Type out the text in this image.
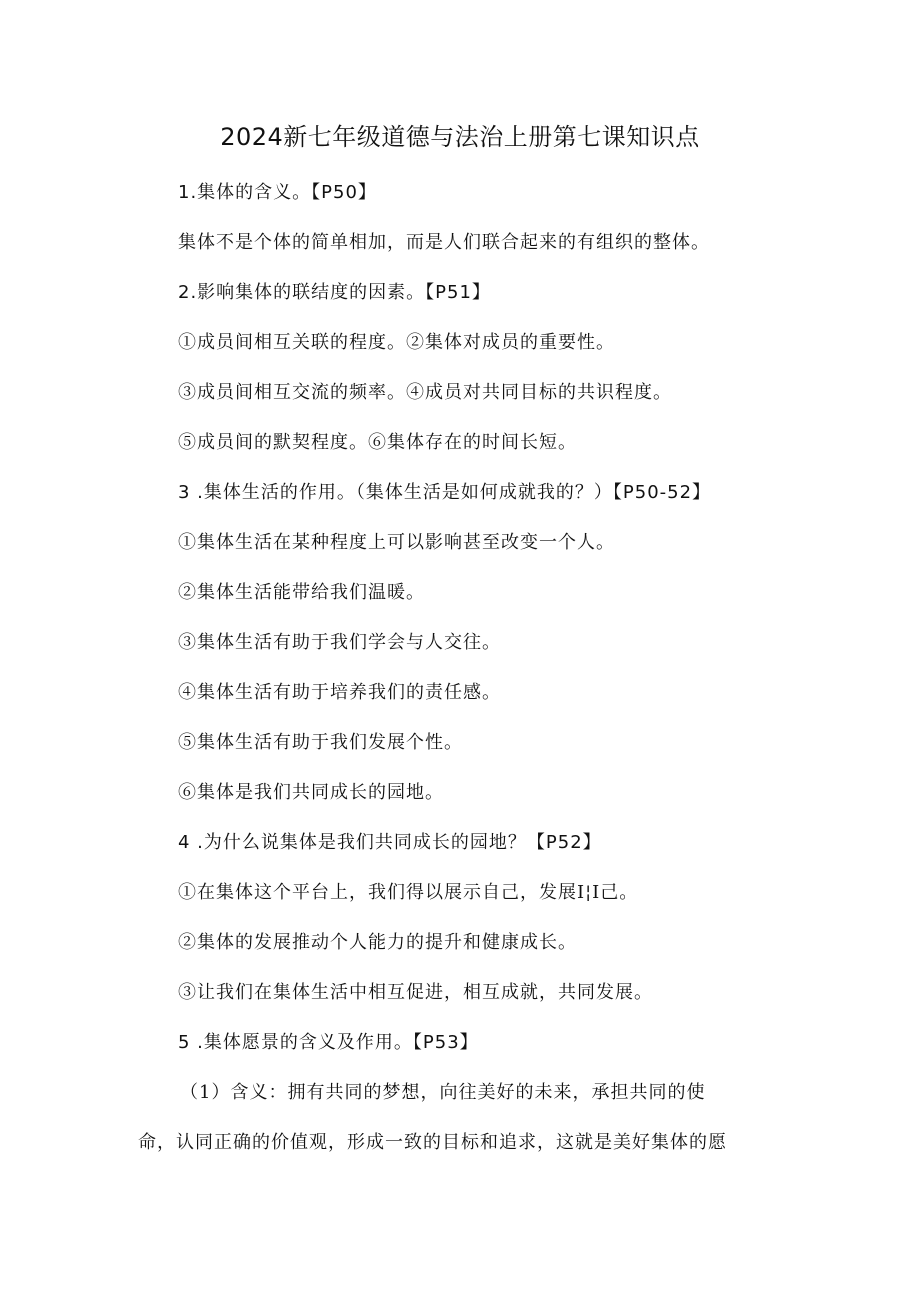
2024新七年级道德与法治上册第七课知识点
1.集体的含义。【P50】
集体不是个体的简单相加，而是人们联合起来的有组织的整体。
2.影响集体的联结度的因素。【P51】
①成员间相互关联的程度。②集体对成员的重要性。
③成员间相互交流的频率。④成员对共同目标的共识程度。
⑤成员间的默契程度。⑥集体存在的时间长短。
3 .集体生活的作用。（集体生活是如何成就我的？）【P50-52】
①集体生活在某种程度上可以影响甚至改变一个人。
②集体生活能带给我们温暖。
③集体生活有助于我们学会与人交往。
④集体生活有助于培养我们的责任感。
⑤集体生活有助于我们发展个性。
⑥集体是我们共同成长的园地。
4 .为什么说集体是我们共同成长的园地？【P52】
①在集体这个平台上，我们得以展示自己，发展I¦I己。
②集体的发展推动个人能力的提升和健康成长。
③让我们在集体生活中相互促进，相互成就，共同发展。
5 .集体愿景的含义及作用。【P53】
（1）含义：拥有共同的梦想，向往美好的未来，承担共同的使
命，认同正确的价值观，形成一致的目标和追求，这就是美好集体的愿
